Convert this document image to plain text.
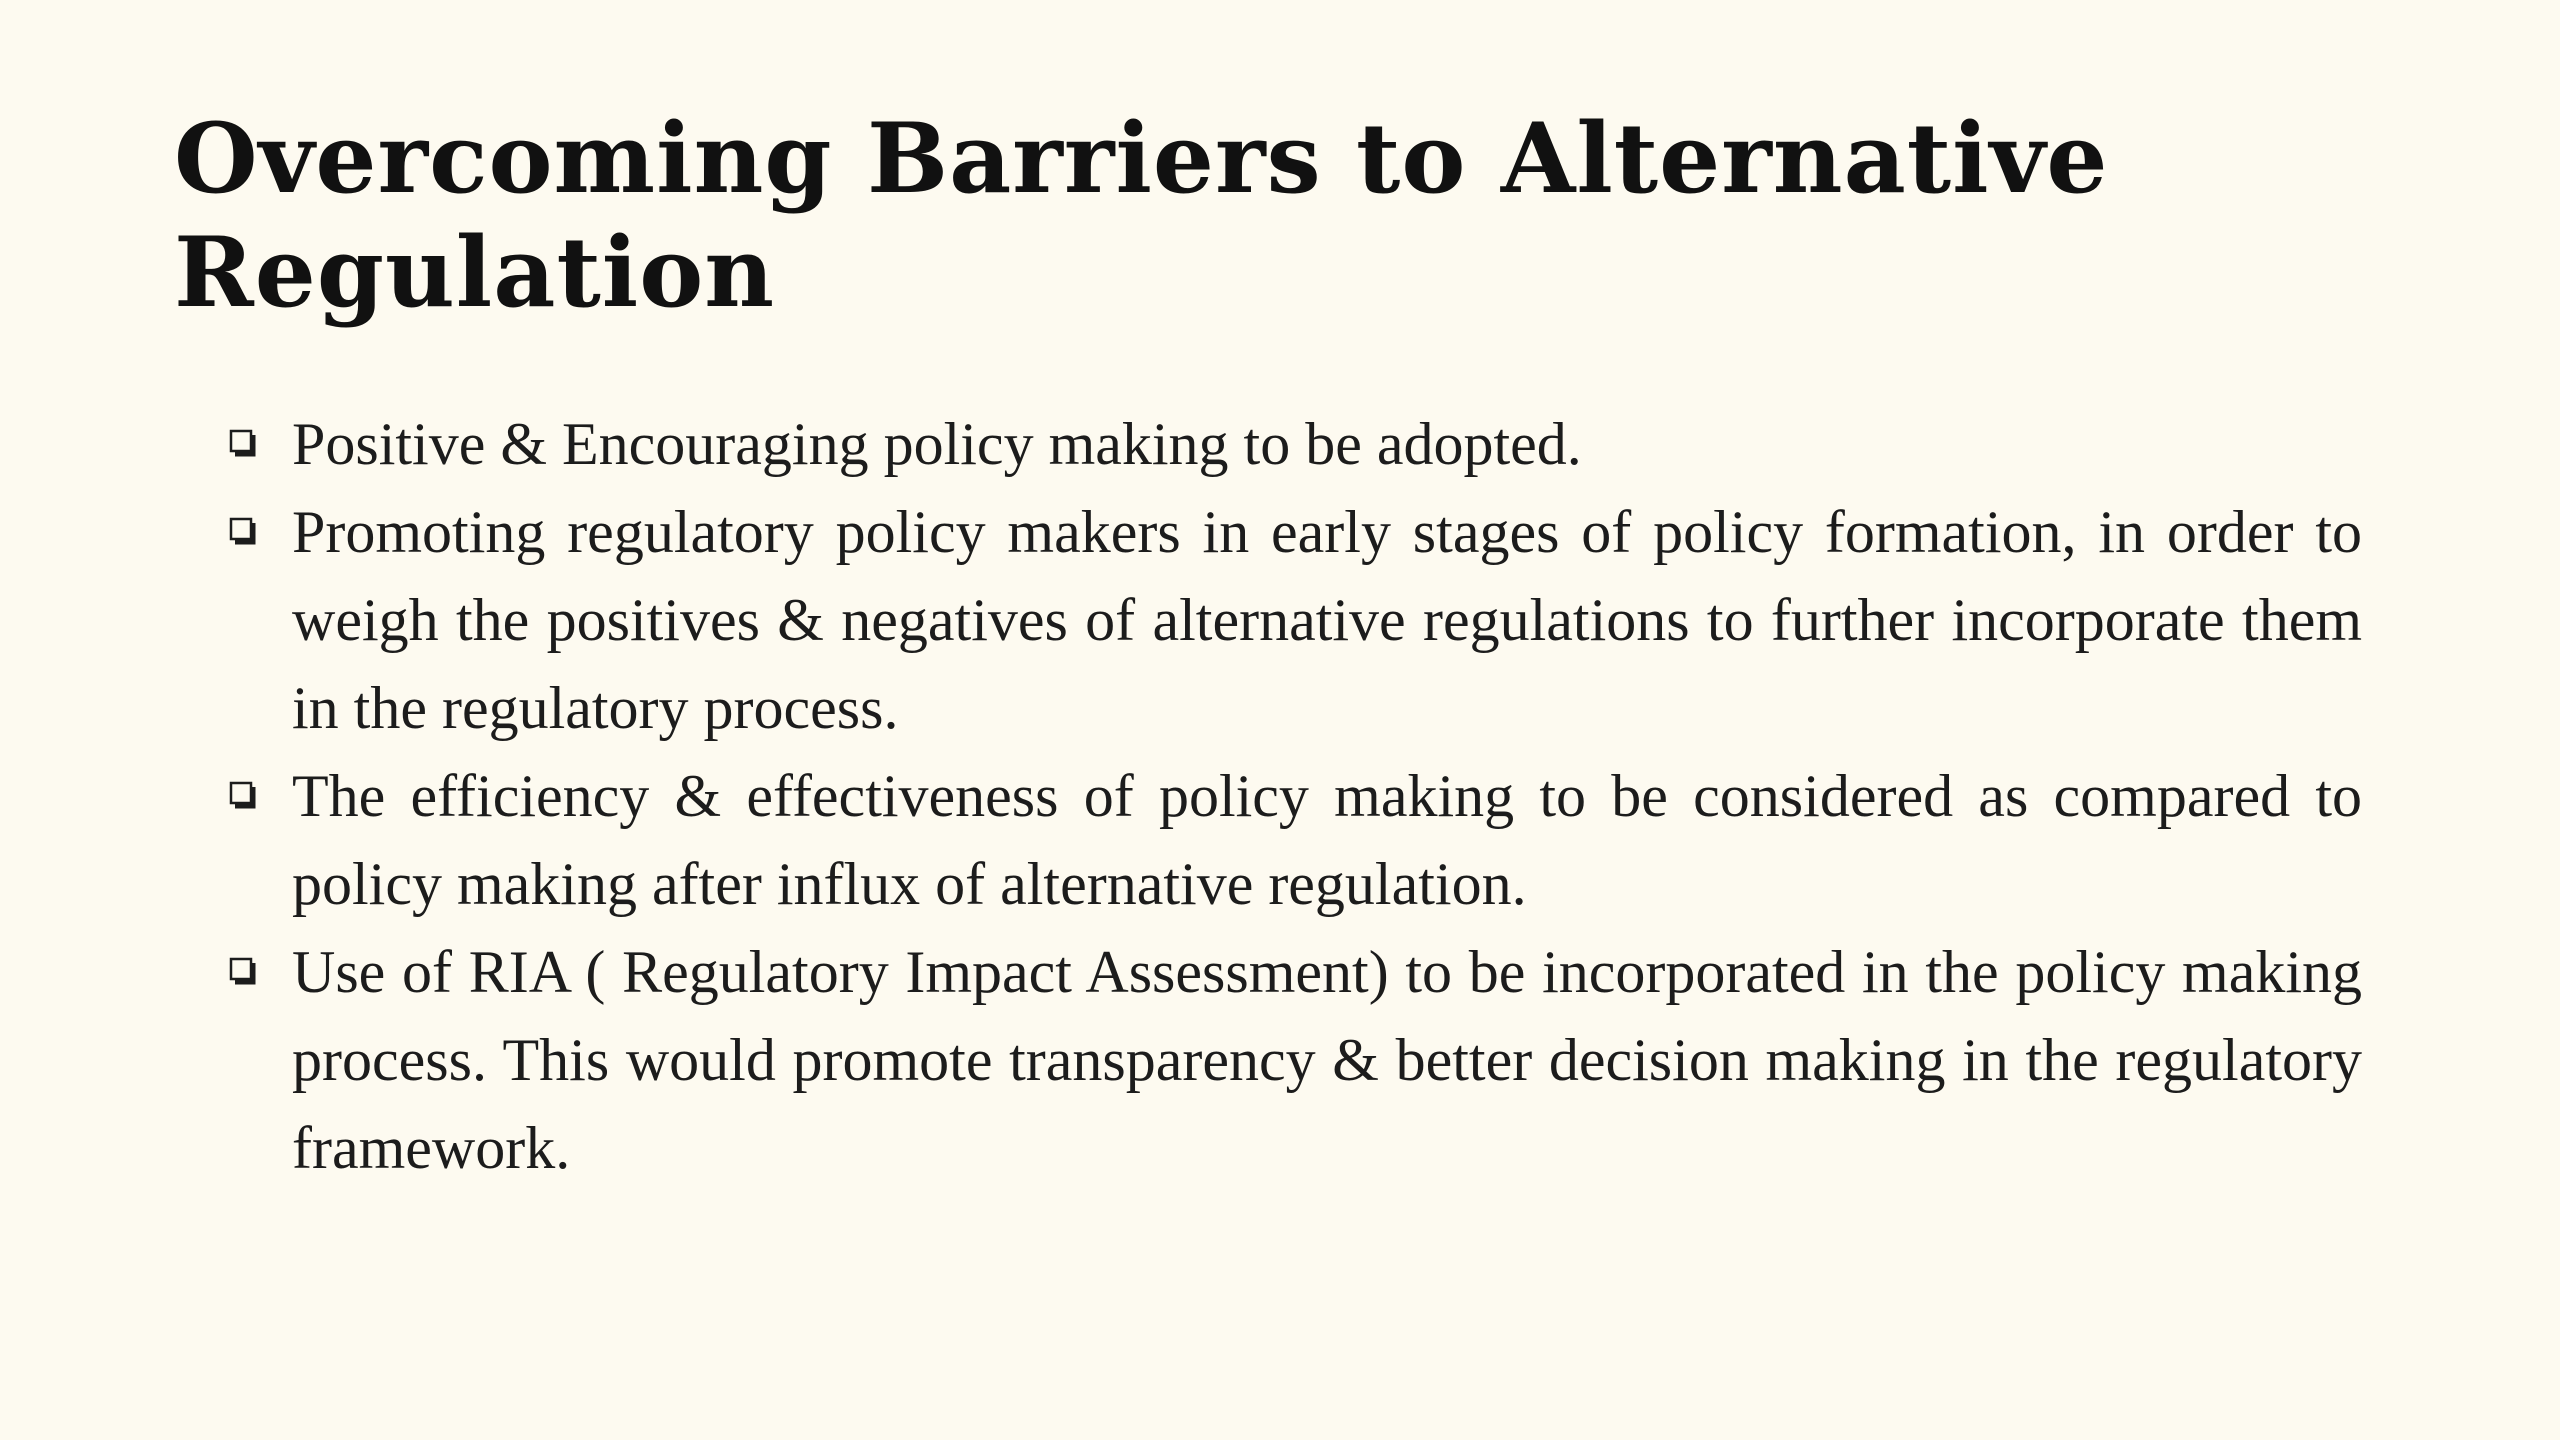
Overcoming Barriers to Alternative Regulation
Positive & Encouraging policy making to be adopted.
Promoting regulatory policy makers in early stages of policy formation, in order to weigh the positives & negatives of alternative regulations to further incorporate them in the regulatory process.
The efficiency & effectiveness of policy making to be considered as compared to policy making after influx of alternative regulation.
Use of RIA ( Regulatory Impact Assessment) to be incorporated in the policy making process. This would promote transparency & better decision making in the regulatory framework.
